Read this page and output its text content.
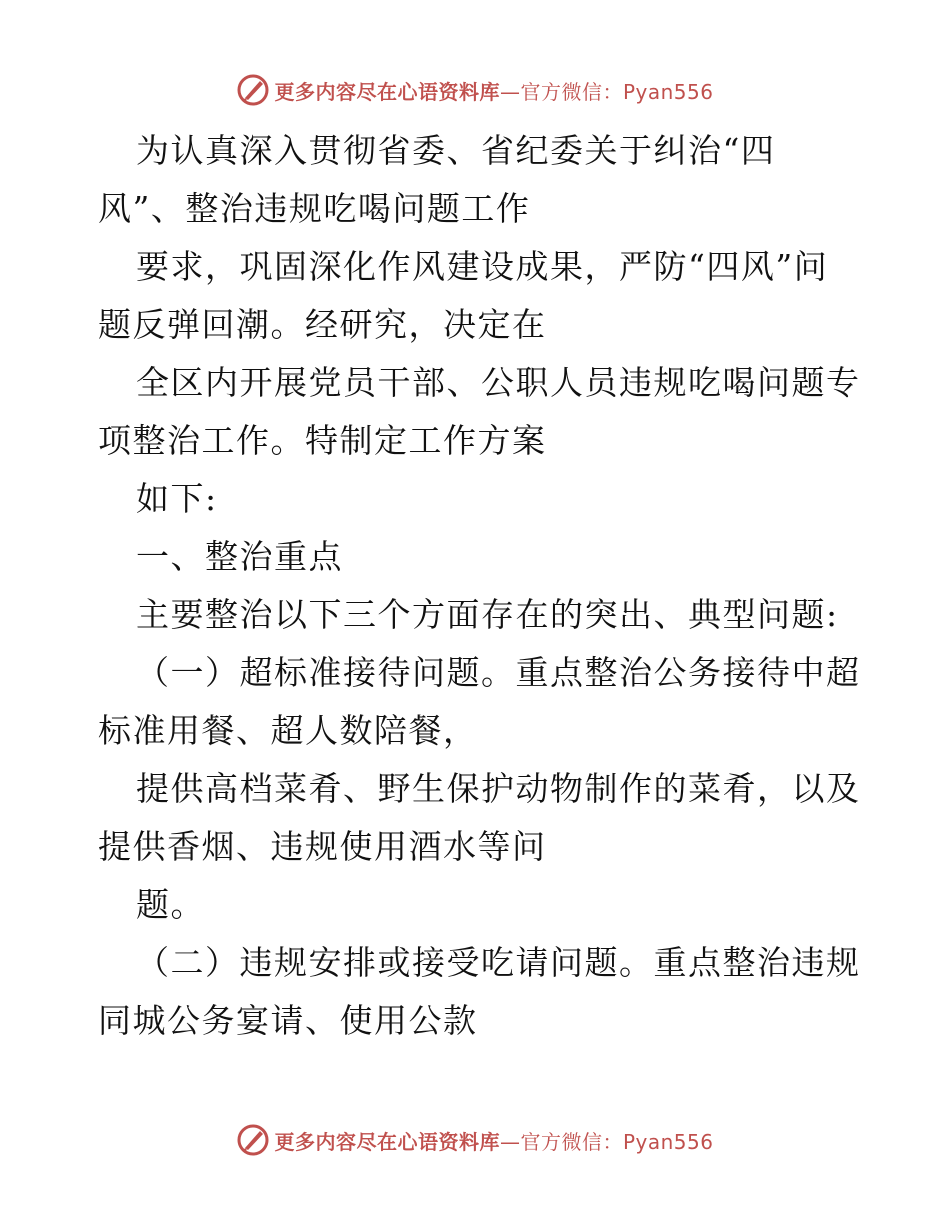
更多内容尽在心语资料库—官方微信：Pyan556
为认真深入贯彻省委、省纪委关于纠治“四
风”、整治违规吃喝问题工作
要求，巩固深化作风建设成果，严防“四风”问
题反弹回潮。经研究，决定在
全区内开展党员干部、公职人员违规吃喝问题专
项整治工作。特制定工作方案
如下:
一、整治重点
主要整治以下三个方面存在的突出、典型问题:
（一）超标准接待问题。重点整治公务接待中超
标准用餐、超人数陪餐，
提供高档菜肴、野生保护动物制作的菜肴，以及
提供香烟、违规使用酒水等问
题。
（二）违规安排或接受吃请问题。重点整治违规
同城公务宴请、使用公款
更多内容尽在心语资料库—官方微信：Pyan556
